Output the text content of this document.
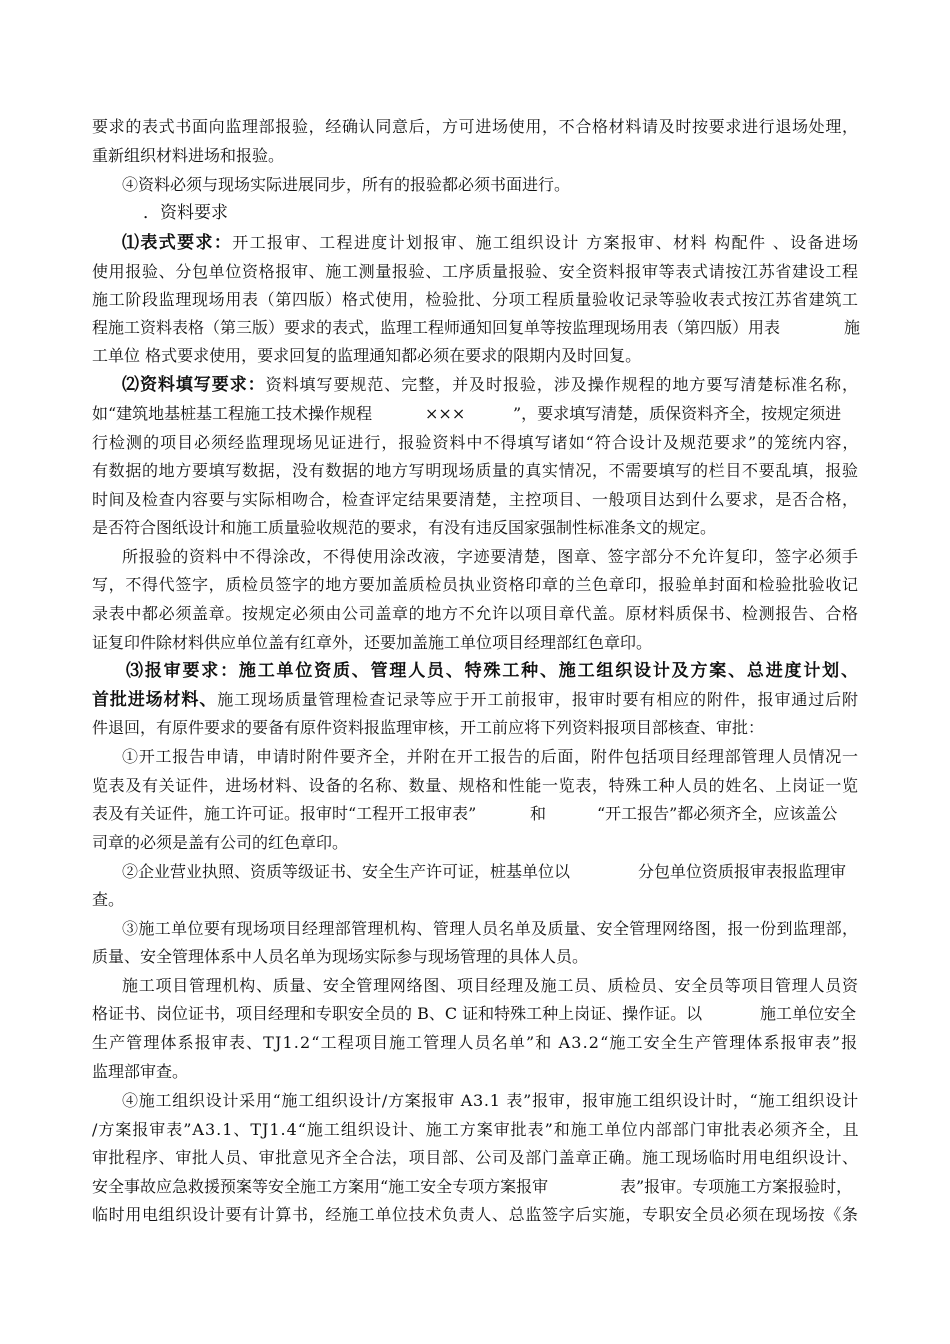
要求的表式书面向监理部报验，经确认同意后，方可进场使用，不合格材料请及时按要求进行退场处理，
重新组织材料进场和报验。
④资料必须与现场实际进展同步，所有的报验都必须书面进行。
．资料要求
⑴表式要求：开工报审、工程进度计划报审、施工组织设计 方案报审、材料 构配件 、设备进场
使用报验、分包单位资格报审、施工测量报验、工序质量报验、安全资料报审等表式请按江苏省建设工程
施工阶段监理现场用表（第四版）格式使用，检验批、分项工程质量验收记录等验收表式按江苏省建筑工
程施工资料表格（第三版）要求的表式，监理工程师通知回复单等按监理现场用表（第四版）用表	施
工单位 格式要求使用，要求回复的监理通知都必须在要求的限期内及时回复。
⑵资料填写要求：资料填写要规范、完整，并及时报验，涉及操作规程的地方要写清楚标准名称，
如“建筑地基桩基工程施工技术操作规程	×××	”，要求填写清楚，质保资料齐全，按规定须进
行检测的项目必须经监理现场见证进行，报验资料中不得填写诸如“符合设计及规范要求”的笼统内容，
有数据的地方要填写数据，没有数据的地方写明现场质量的真实情况，不需要填写的栏目不要乱填，报验
时间及检查内容要与实际相吻合，检查评定结果要清楚，主控项目、一般项目达到什么要求，是否合格，
是否符合图纸设计和施工质量验收规范的要求，有没有违反国家强制性标准条文的规定。
所报验的资料中不得涂改，不得使用涂改液，字迹要清楚，图章、签字部分不允许复印，签字必须手
写，不得代签字，质检员签字的地方要加盖质检员执业资格印章的兰色章印，报验单封面和检验批验收记
录表中都必须盖章。按规定必须由公司盖章的地方不允许以项目章代盖。原材料质保书、检测报告、合格
证复印件除材料供应单位盖有红章外，还要加盖施工单位项目经理部红色章印。
⑶报审要求：施工单位资质、管理人员、特殊工种、施工组织设计及方案、总进度计划、
首批进场材料、施工现场质量管理检查记录等应于开工前报审，报审时要有相应的附件，报审通过后附
件退回，有原件要求的要备有原件资料报监理审核，开工前应将下列资料报项目部核查、审批：
①开工报告申请，申请时附件要齐全，并附在开工报告的后面，附件包括项目经理部管理人员情况一
览表及有关证件，进场材料、设备的名称、数量、规格和性能一览表，特殊工种人员的姓名、上岗证一览
表及有关证件，施工许可证。报审时“工程开工报审表”	和	“开工报告”都必须齐全，应该盖公
司章的必须是盖有公司的红色章印。
②企业营业执照、资质等级证书、安全生产许可证，桩基单位以	分包单位资质报审表报监理审
查。
③施工单位要有现场项目经理部管理机构、管理人员名单及质量、安全管理网络图，报一份到监理部，
质量、安全管理体系中人员名单为现场实际参与现场管理的具体人员。
施工项目管理机构、质量、安全管理网络图、项目经理及施工员、质检员、安全员等项目管理人员资
格证书、岗位证书，项目经理和专职安全员的 B、C 证和特殊工种上岗证、操作证。以	施工单位安全
生产管理体系报审表、TJ1.2“工程项目施工管理人员名单”和 A3.2“施工安全生产管理体系报审表”报
监理部审查。
④施工组织设计采用“施工组织设计/方案报审 A3.1 表”报审，报审施工组织设计时，“施工组织设计
/方案报审表”A3.1、TJ1.4“施工组织设计、施工方案审批表”和施工单位内部部门审批表必须齐全，且
审批程序、审批人员、审批意见齐全合法，项目部、公司及部门盖章正确。施工现场临时用电组织设计、
安全事故应急救援预案等安全施工方案用“施工安全专项方案报审	表”报审。专项施工方案报验时，
临时用电组织设计要有计算书，经施工单位技术负责人、总监签字后实施，专职安全员必须在现场按《条
